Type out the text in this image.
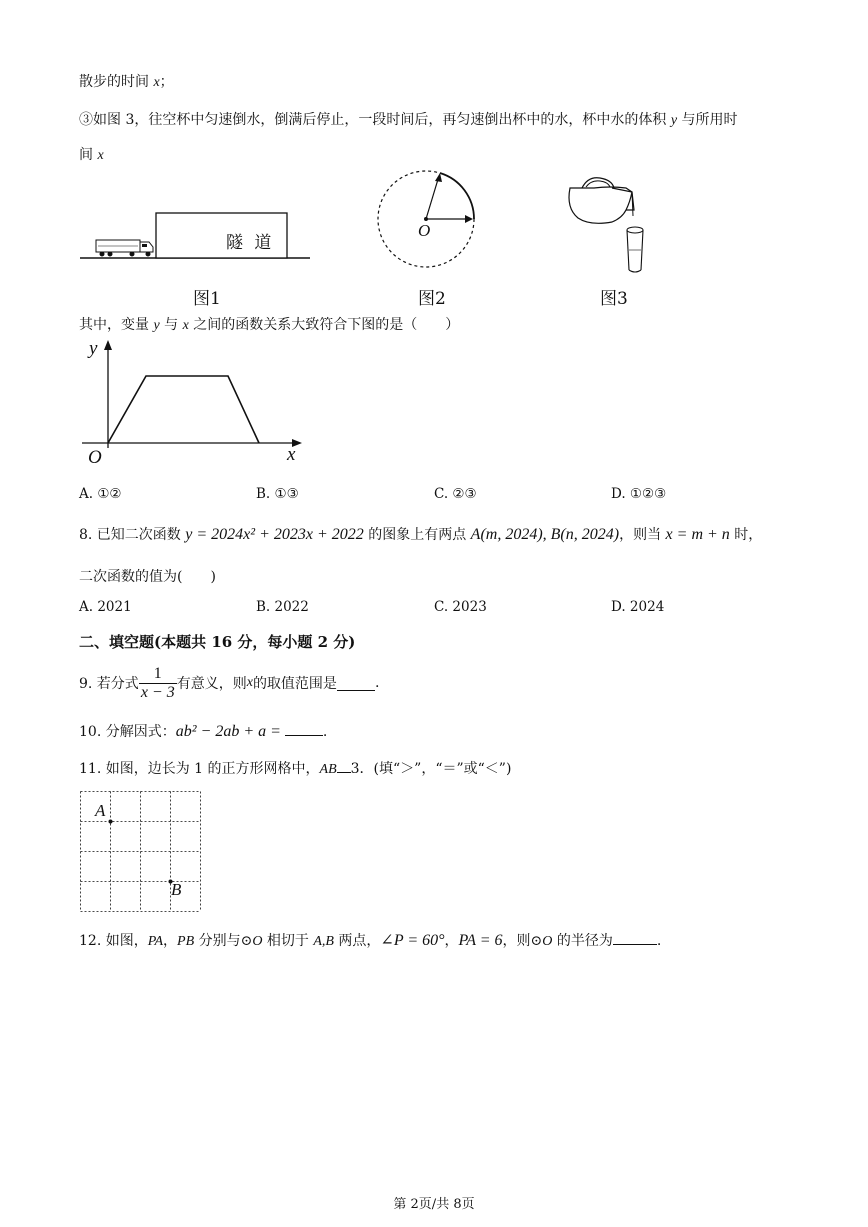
散步的时间 x；
③如图 3，往空杯中匀速倒水，倒满后停止，一段时间后，再匀速倒出杯中的水，杯中水的体积 y 与所用时
间 x
隧 道
O
图1	图2	图3
其中，变量 y 与 x 之间的函数关系大致符合下图的是（　　）
y
x
O
A. ①②	B. ①③	C. ②③	D. ①②③
8. 已知二次函数 y = 2024x² + 2023x + 2022 的图象上有两点 A(m, 2024), B(n, 2024)，则当 x = m + n 时，
二次函数的值为(　　)
A. 2021	B. 2022	C. 2023	D. 2024
二、填空题(本题共 16 分，每小题 2 分)
9. 若分式 $\frac{1}{x - 3}$ 有意义，则 x 的取值范围是	.
10. 分解因式：ab² − 2ab + a =	.
11. 如图，边长为 1 的正方形网格中，AB 3．(填“＞”，“＝”或“＜”)
A
B
12. 如图，PA，PB 分别与⊙O 相切于 A,B 两点，∠P = 60°，PA = 6，则⊙O 的半径为	.
第 2页/共 8页
